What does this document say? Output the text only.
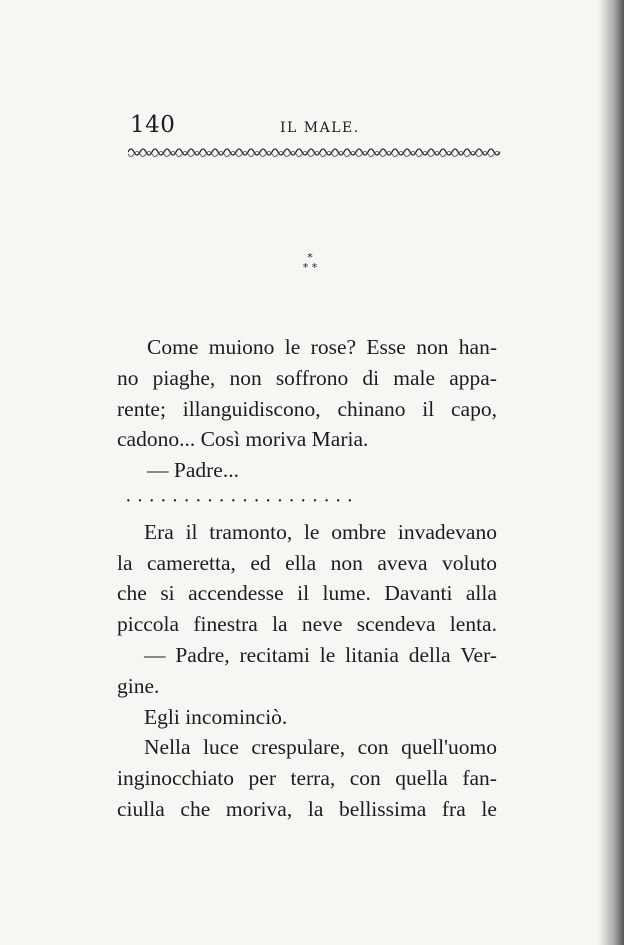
140	IL MALE.
*
* *
Come muiono le rose? Esse non han-
no piaghe, non soffrono di male appa-
rente; illanguidiscono, chinano il capo,
cadono... Così moriva Maria.
— Padre...
· · · · · · · · · · · · · · · · · · · ·
Era il tramonto, le ombre invadevano
la cameretta, ed ella non aveva voluto
che si accendesse il lume. Davanti alla
piccola finestra la neve scendeva lenta.
— Padre, recitami le litania della Ver-
gine.
Egli incominciò.
Nella luce crespulare, con quell'uomo
inginocchiato per terra, con quella fan-
ciulla che moriva, la bellissima fra le
